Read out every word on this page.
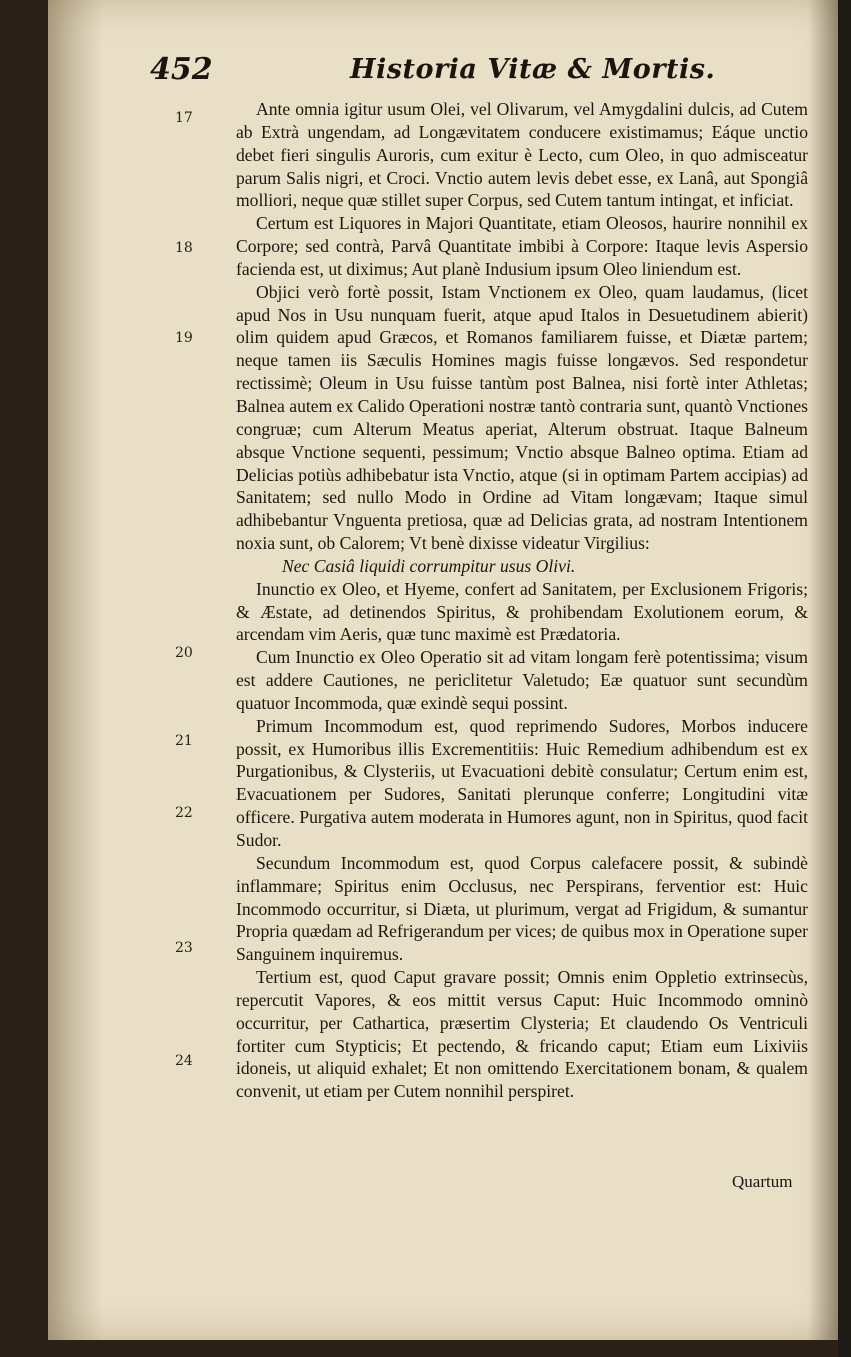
452	Historia Vitæ & Mortis.
17
18
19
20
21
22
23
24

Ante omnia igitur usum Olei, vel Olivarum, vel Amygdalini dulcis, ad Cutem ab Extrà ungendam, ad Longævitatem conducere existimamus; Eáque unctio debet fieri singulis Auroris, cum exitur è Lecto, cum Oleo, in quo admisceatur parum Salis nigri, et Croci. Vnctio autem levis debet esse, ex Lanâ, aut Spongiâ molliori, neque quæ stillet super Corpus, sed Cutem tantum intingat, et inficiat.

Certum est Liquores in Majori Quantitate, etiam Oleosos, haurire nonnihil ex Corpore; sed contrà, Parvâ Quantitate imbibi à Corpore: Itaque levis Aspersio facienda est, ut diximus; Aut planè Indusium ipsum Oleo liniendum est.

Objici verò fortè possit, Istam Vnctionem ex Oleo, quam laudamus, (licet apud Nos in Usu nunquam fuerit, atque apud Italos in Desuetudinem abierit) olim quidem apud Græcos, et Romanos familiarem fuisse, et Diætæ partem; neque tamen iis Sæculis Homines magis fuisse longævos. Sed respondetur rectissimè; Oleum in Usu fuisse tantùm post Balnea, nisi fortè inter Athletas; Balnea autem ex Calido Operationi nostræ tantò contraria sunt, quantò Vnctiones congruæ; cum Alterum Meatus aperiat, Alterum obstruat. Itaque Balneum absque Vnctione sequenti, pessimum; Vnctio absque Balneo optima. Etiam ad Delicias potiùs adhibebatur ista Vnctio, atque (si in optimam Partem accipias) ad Sanitatem; sed nullo Modo in Ordine ad Vitam longævam; Itaque simul adhibebantur Vnguenta pretiosa, quæ ad Delicias grata, ad nostram Intentionem noxia sunt, ob Calorem; Vt benè dixisse videatur Virgilius:

Nec Casiâ liquidi corrumpitur usus Olivi.

Inunctio ex Oleo, et Hyeme, confert ad Sanitatem, per Exclusionem Frigoris; & Æstate, ad detinendos Spiritus, & prohibendam Exolutionem eorum, & arcendam vim Aeris, quæ tunc maximè est Prædatoria.

Cum Inunctio ex Oleo Operatio sit ad vitam longam ferè potentissima; visum est addere Cautiones, ne periclitetur Valetudo; Eæ quatuor sunt secundùm quatuor Incommoda, quæ exindè sequi possint.

Primum Incommodum est, quod reprimendo Sudores, Morbos inducere possit, ex Humoribus illis Excrementitiis: Huic Remedium adhibendum est ex Purgationibus, & Clysteriis, ut Evacuationi debitè consulatur; Certum enim est, Evacuationem per Sudores, Sanitati plerunque conferre; Longitudini vitæ officere. Purgativa autem moderata in Humores agunt, non in Spiritus, quod facit Sudor.

Secundum Incommodum est, quod Corpus calefacere possit, & subindè inflammare; Spiritus enim Occlusus, nec Perspirans, ferventior est: Huic Incommodo occurritur, si Diæta, ut plurimum, vergat ad Frigidum, & sumantur Propria quædam ad Refrigerandum per vices; de quibus mox in Operatione super Sanguinem inquiremus.

Tertium est, quod Caput gravare possit; Omnis enim Oppletio extrinsecùs, repercutit Vapores, & eos mittit versus Caput: Huic Incommodo omninò occurritur, per Cathartica, præsertim Clysteria; Et claudendo Os Ventriculi fortiter cum Stypticis; Et pectendo, & fricando caput; Etiam eum Lixiviis idoneis, ut aliquid exhalet; Et non omittendo Exercitationem bonam, & qualem convenit, ut etiam per Cutem nonnihil perspiret.

Quartum
